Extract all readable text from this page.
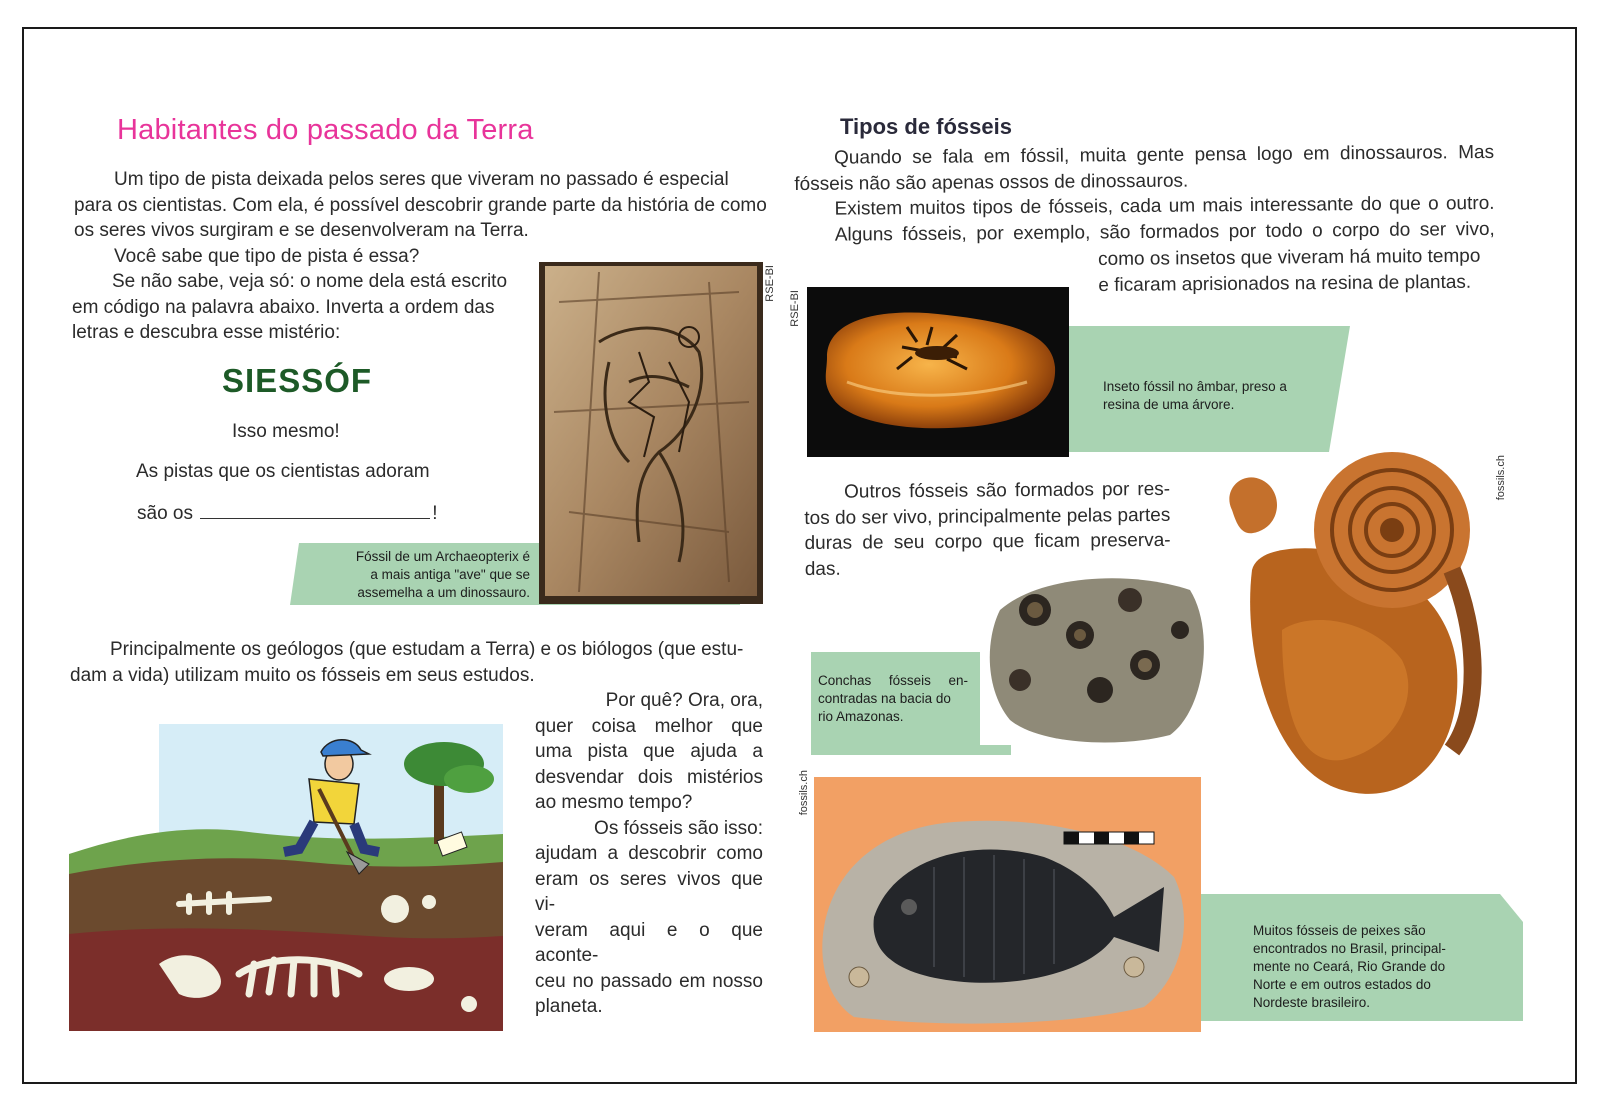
Habitantes do passado da Terra

Um tipo de pista deixada pelos seres que viveram no passado é especial

para os cientistas. Com ela, é possível descobrir grande parte da história de como

os seres vivos surgiram e se desenvolveram na Terra.

Você sabe que tipo de pista é essa?

Se não sabe, veja só: o nome dela está escrito

em código na palavra abaixo. Inverta a ordem das

letras e descubra esse mistério:

SIESSÓF
Isso mesmo!
As pistas que os cientistas adoram
são os	!
Fóssil de um Archaeopterix é
a mais antiga "ave" que se
assemelha a um dinossauro.
RSE-BI

Principalmente os geólogos (que estudam a Terra) e os biólogos (que estu-

dam a vida) utilizam muito os fósseis em seus estudos.

Por quê? Ora, ora,

quer coisa melhor que

uma pista que ajuda a

desvendar dois mistérios

ao mesmo tempo?

Os fósseis são isso:

ajudam a descobrir como

eram os seres vivos que vi-

veram aqui e o que aconte-

ceu no passado em nosso

planeta.

Tipos de fósseis

Quando se fala em fóssil, muita gente pensa logo em dinossauros. Mas

fósseis não são apenas ossos de dinossauros.

Existem muitos tipos de fósseis, cada um mais interessante do que o outro.

Alguns fósseis, por exemplo, são formados por todo o corpo do ser vivo,

como os insetos que viveram há muito tempo

e ficaram aprisionados na resina de plantas.

Inseto fóssil no âmbar, preso a
resina de uma árvore.
RSE-BI

Outros fósseis são formados por res-

tos do ser vivo, principalmente pelas partes

duras de seu corpo que ficam preserva-

das.

fossils.ch
Conchas fósseis en-
contradas na bacia do
rio Amazonas.
Muitos fósseis de peixes são
encontrados no Brasil, principal-
mente no Ceará, Rio Grande do
Norte e em outros estados do
Nordeste brasileiro.
fossils.ch
